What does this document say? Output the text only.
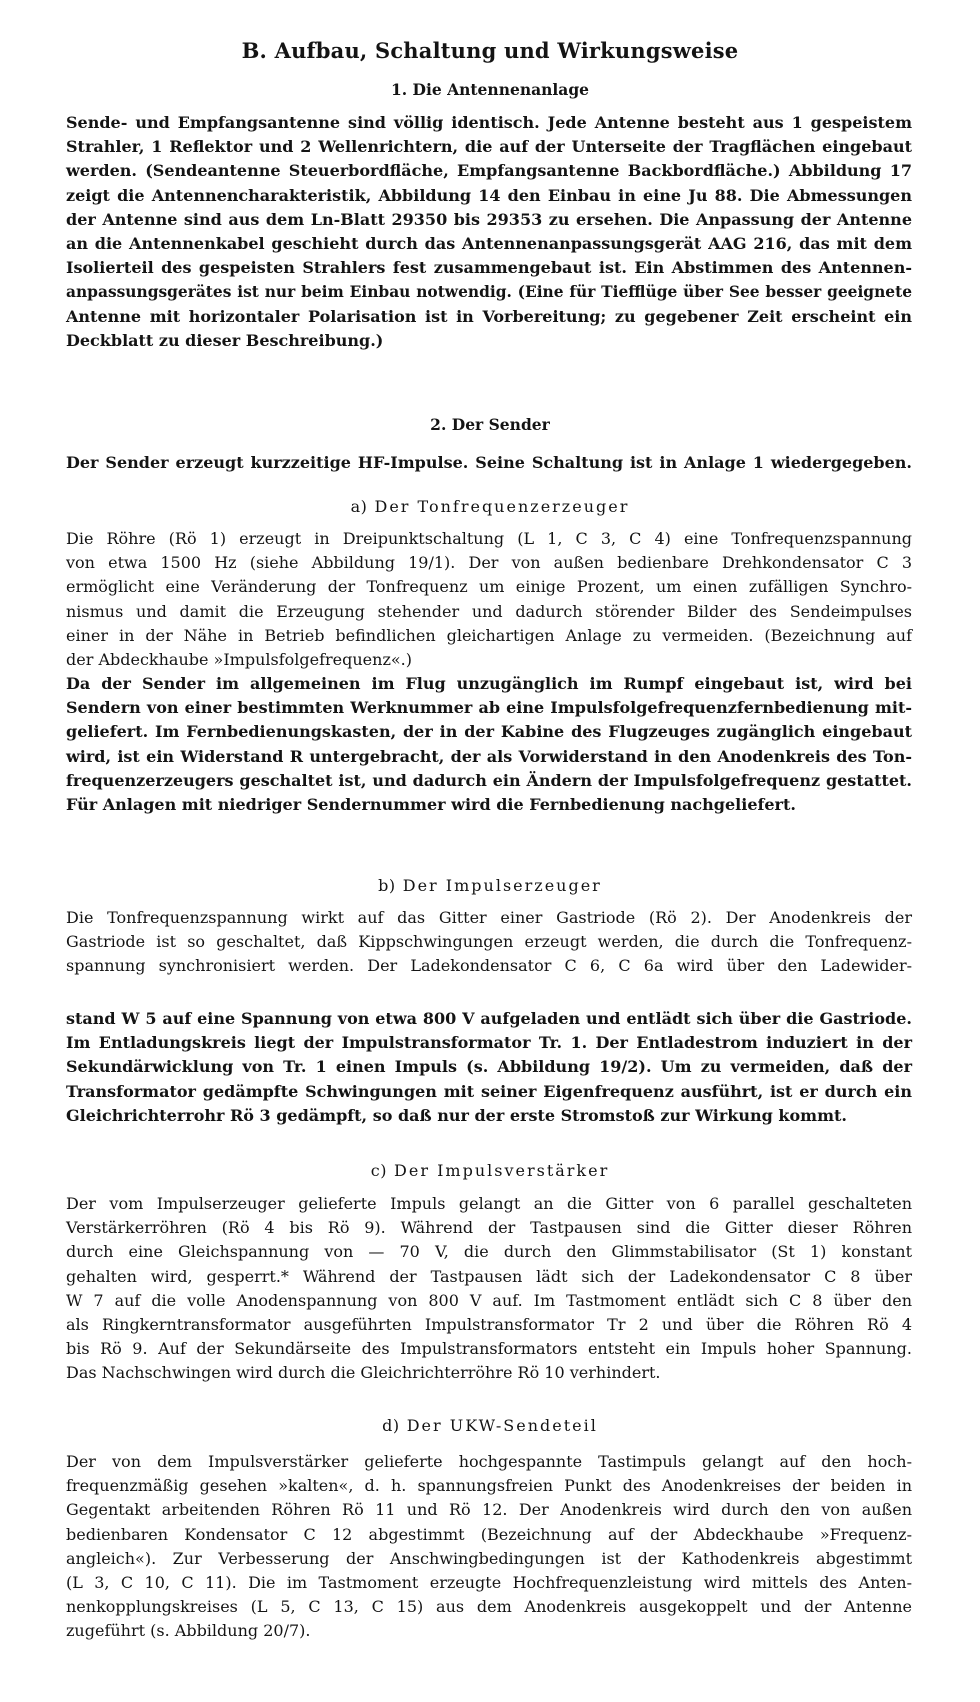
B. Aufbau, Schaltung und Wirkungsweise
1. Die Antennenanlage
Sende- und Empfangsantenne sind völlig identisch. Jede Antenne besteht aus 1 gespeistem
Strahler, 1 Reflektor und 2 Wellenrichtern, die auf der Unterseite der Tragflächen eingebaut
werden. (Sendeantenne Steuerbordfläche, Empfangsantenne Backbordfläche.) Abbildung 17
zeigt die Antennencharakteristik, Abbildung 14 den Einbau in eine Ju 88. Die Abmessungen
der Antenne sind aus dem Ln-Blatt 29350 bis 29353 zu ersehen. Die Anpassung der Antenne
an die Antennenkabel geschieht durch das Antennenanpassungsgerät AAG 216, das mit dem
Isolierteil des gespeisten Strahlers fest zusammengebaut ist. Ein Abstimmen des Antennen-
anpassungsgerätes ist nur beim Einbau notwendig. (Eine für Tiefflüge über See besser geeignete
Antenne mit horizontaler Polarisation ist in Vorbereitung; zu gegebener Zeit erscheint ein
Deckblatt zu dieser Beschreibung.)
2. Der Sender
Der Sender erzeugt kurzzeitige HF-Impulse. Seine Schaltung ist in Anlage 1 wiedergegeben.
a) Der Tonfrequenzerzeuger
Die Röhre (Rö 1) erzeugt in Dreipunktschaltung (L 1, C 3, C 4) eine Tonfrequenzspannung
von etwa 1500 Hz (siehe Abbildung 19/1). Der von außen bedienbare Drehkondensator C 3
ermöglicht eine Veränderung der Tonfrequenz um einige Prozent, um einen zufälligen Synchro-
nismus und damit die Erzeugung stehender und dadurch störender Bilder des Sendeimpulses
einer in der Nähe in Betrieb befindlichen gleichartigen Anlage zu vermeiden. (Bezeichnung auf
der Abdeckhaube »Impulsfolgefrequenz«.)
Da der Sender im allgemeinen im Flug unzugänglich im Rumpf eingebaut ist, wird bei
Sendern von einer bestimmten Werknummer ab eine Impulsfolgefrequenzfernbedienung mit-
geliefert. Im Fernbedienungskasten, der in der Kabine des Flugzeuges zugänglich eingebaut
wird, ist ein Widerstand R untergebracht, der als Vorwiderstand in den Anodenkreis des Ton-
frequenzerzeugers geschaltet ist, und dadurch ein Ändern der Impulsfolgefrequenz gestattet.
Für Anlagen mit niedriger Sendernummer wird die Fernbedienung nachgeliefert.
b) Der Impulserzeuger
Die Tonfrequenzspannung wirkt auf das Gitter einer Gastriode (Rö 2). Der Anodenkreis der
Gastriode ist so geschaltet, daß Kippschwingungen erzeugt werden, die durch die Tonfrequenz-
spannung synchronisiert werden. Der Ladekondensator C 6, C 6a wird über den Ladewider-
stand W 5 auf eine Spannung von etwa 800 V aufgeladen und entlädt sich über die Gastriode.
Im Entladungskreis liegt der Impulstransformator Tr. 1. Der Entladestrom induziert in der
Sekundärwicklung von Tr. 1 einen Impuls (s. Abbildung 19/2). Um zu vermeiden, daß der
Transformator gedämpfte Schwingungen mit seiner Eigenfrequenz ausführt, ist er durch ein
Gleichrichterrohr Rö 3 gedämpft, so daß nur der erste Stromstoß zur Wirkung kommt.
c) Der Impulsverstärker
Der vom Impulserzeuger gelieferte Impuls gelangt an die Gitter von 6 parallel geschalteten
Verstärkerröhren (Rö 4 bis Rö 9). Während der Tastpausen sind die Gitter dieser Röhren
durch eine Gleichspannung von — 70 V, die durch den Glimmstabilisator (St 1) konstant
gehalten wird, gesperrt.* Während der Tastpausen lädt sich der Ladekondensator C 8 über
W 7 auf die volle Anodenspannung von 800 V auf. Im Tastmoment entlädt sich C 8 über den
als Ringkerntransformator ausgeführten Impulstransformator Tr 2 und über die Röhren Rö 4
bis Rö 9. Auf der Sekundärseite des Impulstransformators entsteht ein Impuls hoher Spannung.
Das Nachschwingen wird durch die Gleichrichterröhre Rö 10 verhindert.
d) Der UKW-Sendeteil
Der von dem Impulsverstärker gelieferte hochgespannte Tastimpuls gelangt auf den hoch-
frequenzmäßig gesehen »kalten«, d. h. spannungsfreien Punkt des Anodenkreises der beiden in
Gegentakt arbeitenden Röhren Rö 11 und Rö 12. Der Anodenkreis wird durch den von außen
bedienbaren Kondensator C 12 abgestimmt (Bezeichnung auf der Abdeckhaube »Frequenz-
angleich«). Zur Verbesserung der Anschwingbedingungen ist der Kathodenkreis abgestimmt
(L 3, C 10, C 11). Die im Tastmoment erzeugte Hochfrequenzleistung wird mittels des Anten-
nenkopplungskreises (L 5, C 13, C 15) aus dem Anodenkreis ausgekoppelt und der Antenne
zugeführt (s. Abbildung 20/7).
